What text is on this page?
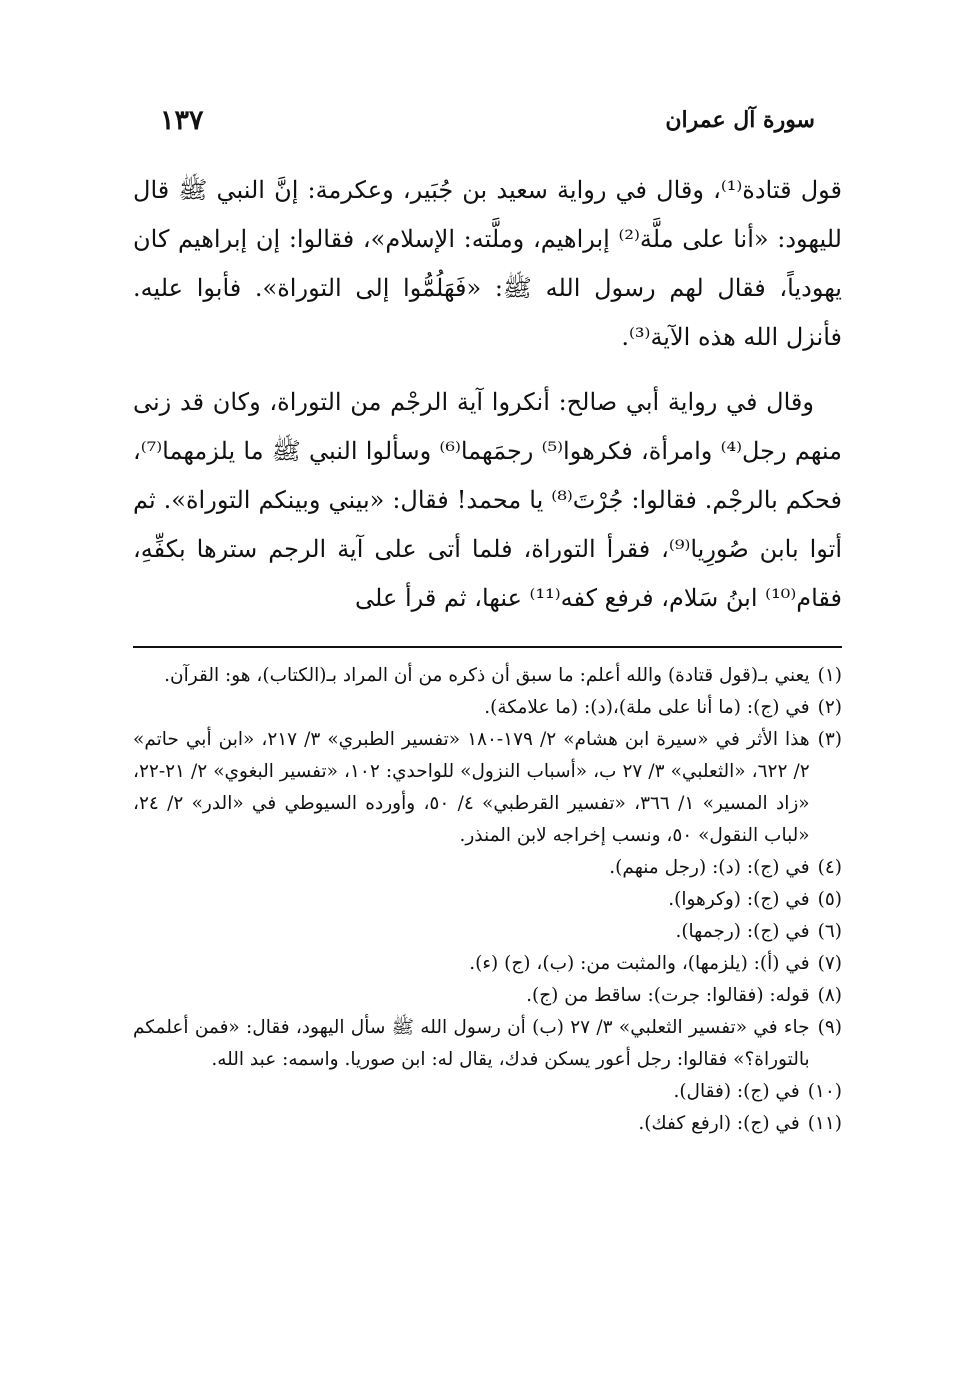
سورة آل عمران
١٣٧

قول قتادة⁽¹⁾، وقال في رواية سعيد بن جُبَير، وعكرمة: إنَّ النبي ﷺ قال لليهود: «أنا على ملَّة⁽²⁾ إبراهيم، وملَّته: الإسلام»، فقالوا: إن إبراهيم كان يهودياً، فقال لهم رسول الله ﷺ: «فَهَلُمُّوا إلى التوراة». فأبوا عليه. فأنزل الله هذه الآية⁽³⁾.

وقال في رواية أبي صالح: أنكروا آية الرجْم من التوراة، وكان قد زنى منهم رجل⁽⁴⁾ وامرأة، فكرهوا⁽⁵⁾ رجمَهما⁽⁶⁾ وسألوا النبي ﷺ ما يلزمهما⁽⁷⁾، فحكم بالرجْم. فقالوا: جُرْتَ⁽⁸⁾ يا محمد! فقال: «بيني وبينكم التوراة». ثم أتوا بابن صُورِيا⁽⁹⁾، فقرأ التوراة، فلما أتى على آية الرجم سترها بكفِّهِ، فقام⁽¹⁰⁾ ابنُ سَلام، فرفع كفه⁽¹¹⁾ عنها، ثم قرأ على

(١)
يعني بـ(قول قتادة) والله أعلم: ما سبق أن ذكره من أن المراد بـ(الكتاب)، هو: القرآن.
(٢)
في (ج): (ما أنا على ملة)،(د): (ما علامكة).
(٣)
هذا الأثر في «سيرة ابن هشام» ٢/ ١٧٩-١٨٠ «تفسير الطبري» ٣/ ٢١٧، «ابن أبي حاتم» ٢/ ٦٢٢، «الثعلبي» ٣/ ٢٧ ب، «أسباب النزول» للواحدي: ١٠٢، «تفسير البغوي» ٢/ ٢١-٢٢، «زاد المسير» ١/ ٣٦٦، «تفسير القرطبي» ٤/ ٥٠، وأورده السيوطي في «الدر» ٢/ ٢٤، «لباب النقول» ٥٠، ونسب إخراجه لابن المنذر.
(٤)
في (ج): (د): (رجل منهم).
(٥)
في (ج): (وكرهوا).
(٦)
في (ج): (رجمها).
(٧)
في (أ): (يلزمها)، والمثبت من: (ب)، (ج) (ء).
(٨)
قوله: (فقالوا: جرت): ساقط من (ج).
(٩)
جاء في «تفسير الثعلبي» ٣/ ٢٧ (ب) أن رسول الله ﷺ سأل اليهود، فقال: «فمن أعلمكم بالتوراة؟» فقالوا: رجل أعور يسكن فدك، يقال له: ابن صوريا. واسمه: عبد الله.
(١٠)
في (ج): (فقال).
(١١)
في (ج): (ارفع كفك).
